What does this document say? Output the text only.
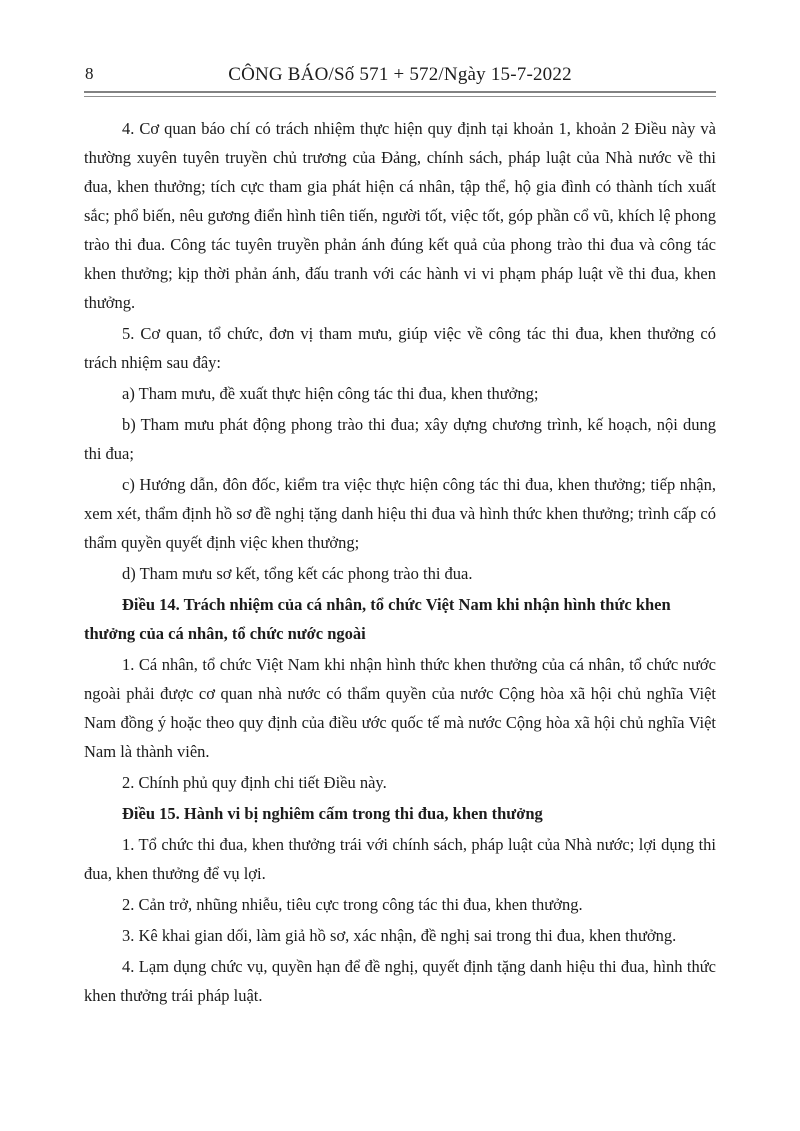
8	CÔNG BÁO/Số 571 + 572/Ngày 15-7-2022

4. Cơ quan báo chí có trách nhiệm thực hiện quy định tại khoản 1, khoản 2 Điều này và thường xuyên tuyên truyền chủ trương của Đảng, chính sách, pháp luật của Nhà nước về thi đua, khen thưởng; tích cực tham gia phát hiện cá nhân, tập thể, hộ gia đình có thành tích xuất sắc; phổ biến, nêu gương điển hình tiên tiến, người tốt, việc tốt, góp phần cổ vũ, khích lệ phong trào thi đua. Công tác tuyên truyền phản ánh đúng kết quả của phong trào thi đua và công tác khen thưởng; kịp thời phản ánh, đấu tranh với các hành vi vi phạm pháp luật về thi đua, khen thưởng.

5. Cơ quan, tổ chức, đơn vị tham mưu, giúp việc về công tác thi đua, khen thưởng có trách nhiệm sau đây:

a) Tham mưu, đề xuất thực hiện công tác thi đua, khen thưởng;

b) Tham mưu phát động phong trào thi đua; xây dựng chương trình, kế hoạch, nội dung thi đua;

c) Hướng dẫn, đôn đốc, kiểm tra việc thực hiện công tác thi đua, khen thưởng; tiếp nhận, xem xét, thẩm định hồ sơ đề nghị tặng danh hiệu thi đua và hình thức khen thưởng; trình cấp có thẩm quyền quyết định việc khen thưởng;

d) Tham mưu sơ kết, tổng kết các phong trào thi đua.

Điều 14. Trách nhiệm của cá nhân, tổ chức Việt Nam khi nhận hình thức khen thưởng của cá nhân, tổ chức nước ngoài

1. Cá nhân, tổ chức Việt Nam khi nhận hình thức khen thưởng của cá nhân, tổ chức nước ngoài phải được cơ quan nhà nước có thẩm quyền của nước Cộng hòa xã hội chủ nghĩa Việt Nam đồng ý hoặc theo quy định của điều ước quốc tế mà nước Cộng hòa xã hội chủ nghĩa Việt Nam là thành viên.

2. Chính phủ quy định chi tiết Điều này.

Điều 15. Hành vi bị nghiêm cấm trong thi đua, khen thưởng

1. Tổ chức thi đua, khen thưởng trái với chính sách, pháp luật của Nhà nước; lợi dụng thi đua, khen thưởng để vụ lợi.

2. Cản trở, nhũng nhiễu, tiêu cực trong công tác thi đua, khen thưởng.

3. Kê khai gian dối, làm giả hồ sơ, xác nhận, đề nghị sai trong thi đua, khen thưởng.

4. Lạm dụng chức vụ, quyền hạn để đề nghị, quyết định tặng danh hiệu thi đua, hình thức khen thưởng trái pháp luật.
